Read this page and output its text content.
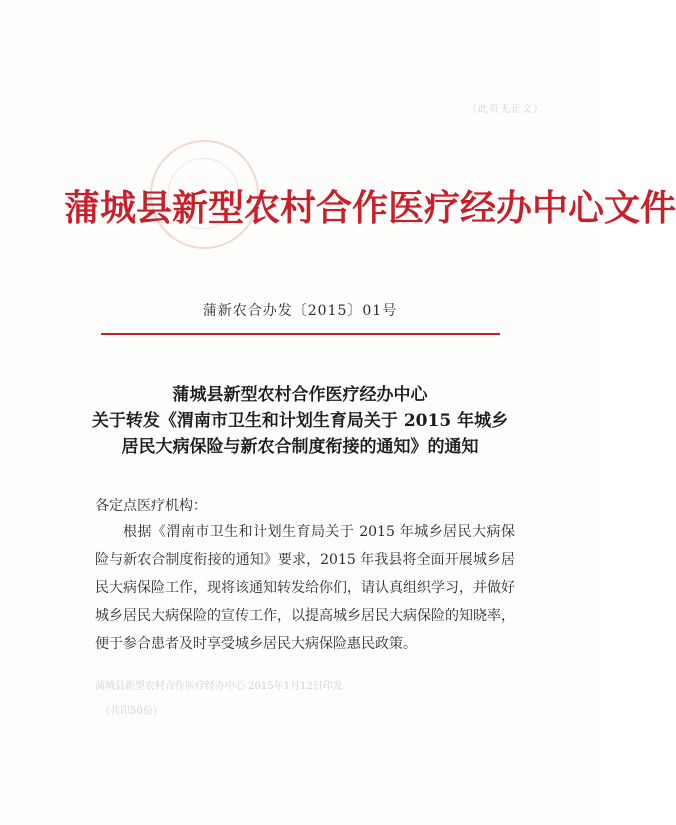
（此页无正文）
蒲城县新型农村合作医疗经办中心文件
蒲新农合办发〔2015〕01号
蒲城县新型农村合作医疗经办中心
关于转发《渭南市卫生和计划生育局关于 2015 年城乡
居民大病保险与新农合制度衔接的通知》的通知
各定点医疗机构：
根据《渭南市卫生和计划生育局关于 2015 年城乡居民大病保险与新农合制度衔接的通知》要求，2015 年我县将全面开展城乡居民大病保险工作，现将该通知转发给你们，请认真组织学习，并做好城乡居民大病保险的宣传工作，以提高城乡居民大病保险的知晓率，便于参合患者及时享受城乡居民大病保险惠民政策。
蒲城县新型农村合作医疗经办中心 2015年1月12日印发
（共印50份）
